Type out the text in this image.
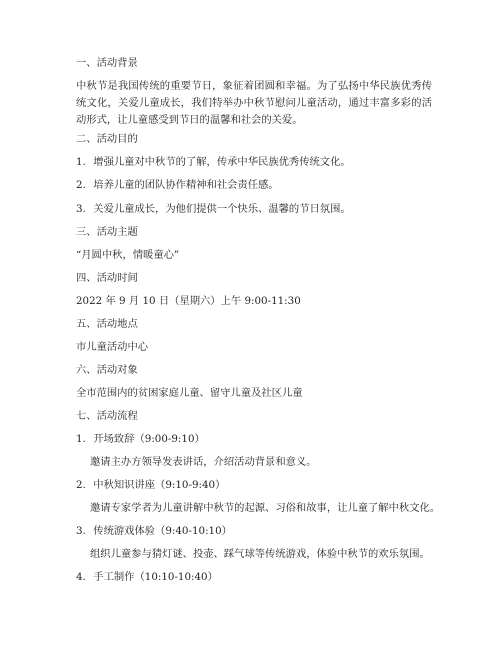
一、活动背景
中秋节是我国传统的重要节日，象征着团圆和幸福。为了弘扬中华民族优秀传统文化，关爱儿童成长，我们特举办中秋节慰问儿童活动，通过丰富多彩的活动形式，让儿童感受到节日的温馨和社会的关爱。
二、活动目的
1. 增强儿童对中秋节的了解，传承中华民族优秀传统文化。
2. 培养儿童的团队协作精神和社会责任感。
3. 关爱儿童成长，为他们提供一个快乐、温馨的节日氛围。
三、活动主题
“月圆中秋，情暖童心”
四、活动时间
2022 年 9 月 10 日（星期六）上午 9:00-11:30
五、活动地点
市儿童活动中心
六、活动对象
全市范围内的贫困家庭儿童、留守儿童及社区儿童
七、活动流程
1. 开场致辞（9:00-9:10）
邀请主办方领导发表讲话，介绍活动背景和意义。
2. 中秋知识讲座（9:10-9:40）
邀请专家学者为儿童讲解中秋节的起源、习俗和故事，让儿童了解中秋文化。
3. 传统游戏体验（9:40-10:10）
组织儿童参与猜灯谜、投壶、踩气球等传统游戏，体验中秋节的欢乐氛围。
4. 手工制作（10:10-10:40）
